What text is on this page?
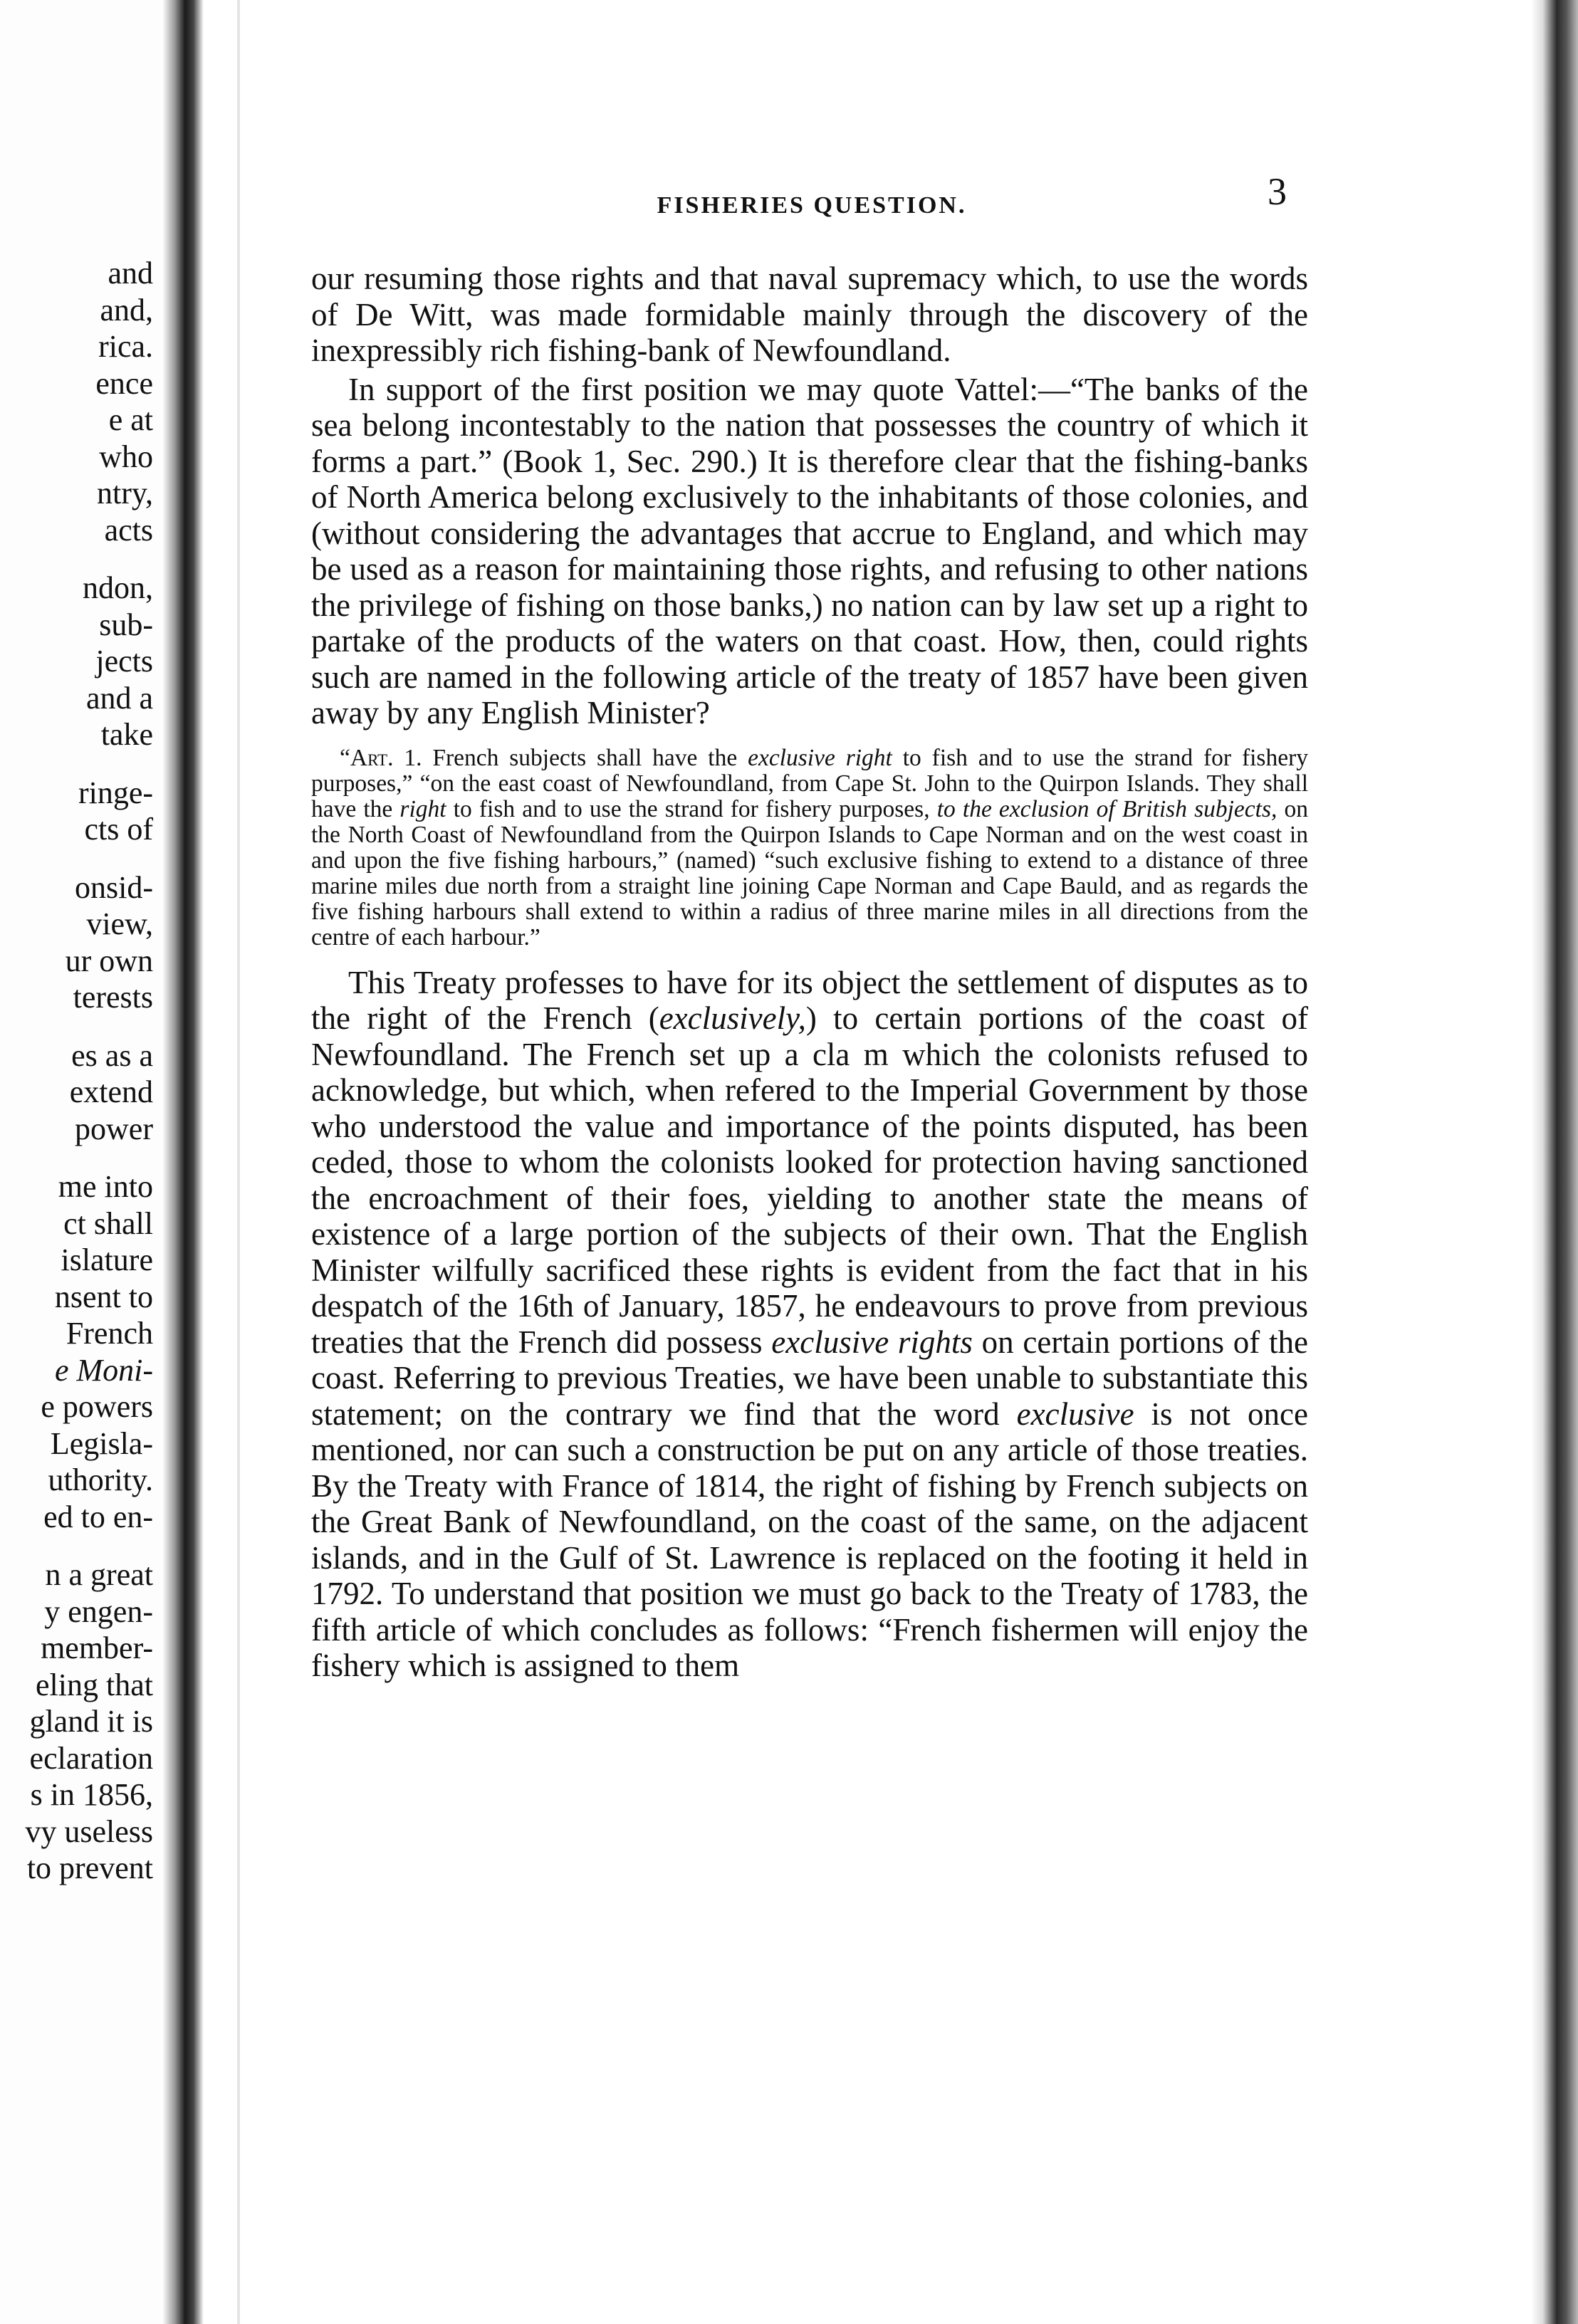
and
and,
rica.
ence
e at
who
ntry,
acts
ndon,
sub-
jects
and a
take
ringe-
cts of
onsid-
view,
ur own
terests
es as a
extend
power
me into
ct shall
islature
nsent to
French
e Moni-
e powers
Legisla-
uthority.
ed to en-
n a great
y engen-
member-
eling that
gland it is
eclaration
s in 1856,
vy useless
to prevent
FISHERIES QUESTION.	3

our resuming those rights and that naval supremacy which, to use the words of De Witt, was made formidable mainly through the discovery of the inexpressibly rich fishing-bank of Newfoundland.

In support of the first position we may quote Vattel:—“The banks of the sea belong incontestably to the nation that possesses the country of which it forms a part.” (Book 1, Sec. 290.) It is therefore clear that the fishing-banks of North America belong exclusively to the inhabitants of those colonies, and (without considering the advantages that accrue to England, and which may be used as a reason for maintaining those rights, and refusing to other nations the privilege of fishing on those banks,) no nation can by law set up a right to partake of the products of the waters on that coast. How, then, could rights such are named in the following article of the treaty of 1857 have been given away by any English Minister?

“Art. 1. French subjects shall have the exclusive right to fish and to use the strand for fishery purposes,” “on the east coast of Newfoundland, from Cape St. John to the Quirpon Islands. They shall have the right to fish and to use the strand for fishery purposes, to the exclusion of British subjects, on the North Coast of Newfoundland from the Quirpon Islands to Cape Norman and on the west coast in and upon the five fishing harbours,” (named) “such exclusive fishing to extend to a distance of three marine miles due north from a straight line joining Cape Norman and Cape Bauld, and as regards the five fishing harbours shall extend to within a radius of three marine miles in all directions from the centre of each harbour.”

This Treaty professes to have for its object the settlement of disputes as to the right of the French (exclusively,) to certain portions of the coast of Newfoundland. The French set up a cla m which the colonists refused to acknowledge, but which, when refered to the Imperial Government by those who understood the value and importance of the points disputed, has been ceded, those to whom the colonists looked for protection having sanctioned the encroachment of their foes, yielding to another state the means of existence of a large portion of the subjects of their own. That the English Minister wilfully sacrificed these rights is evident from the fact that in his despatch of the 16th of January, 1857, he endeavours to prove from previous treaties that the French did possess exclusive rights on certain portions of the coast. Referring to previous Treaties, we have been unable to substantiate this statement; on the contrary we find that the word exclusive is not once mentioned, nor can such a construction be put on any article of those treaties. By the Treaty with France of 1814, the right of fishing by French subjects on the Great Bank of Newfoundland, on the coast of the same, on the adjacent islands, and in the Gulf of St. Lawrence is replaced on the footing it held in 1792. To understand that position we must go back to the Treaty of 1783, the fifth article of which concludes as follows: “French fishermen will enjoy the fishery which is assigned to them
